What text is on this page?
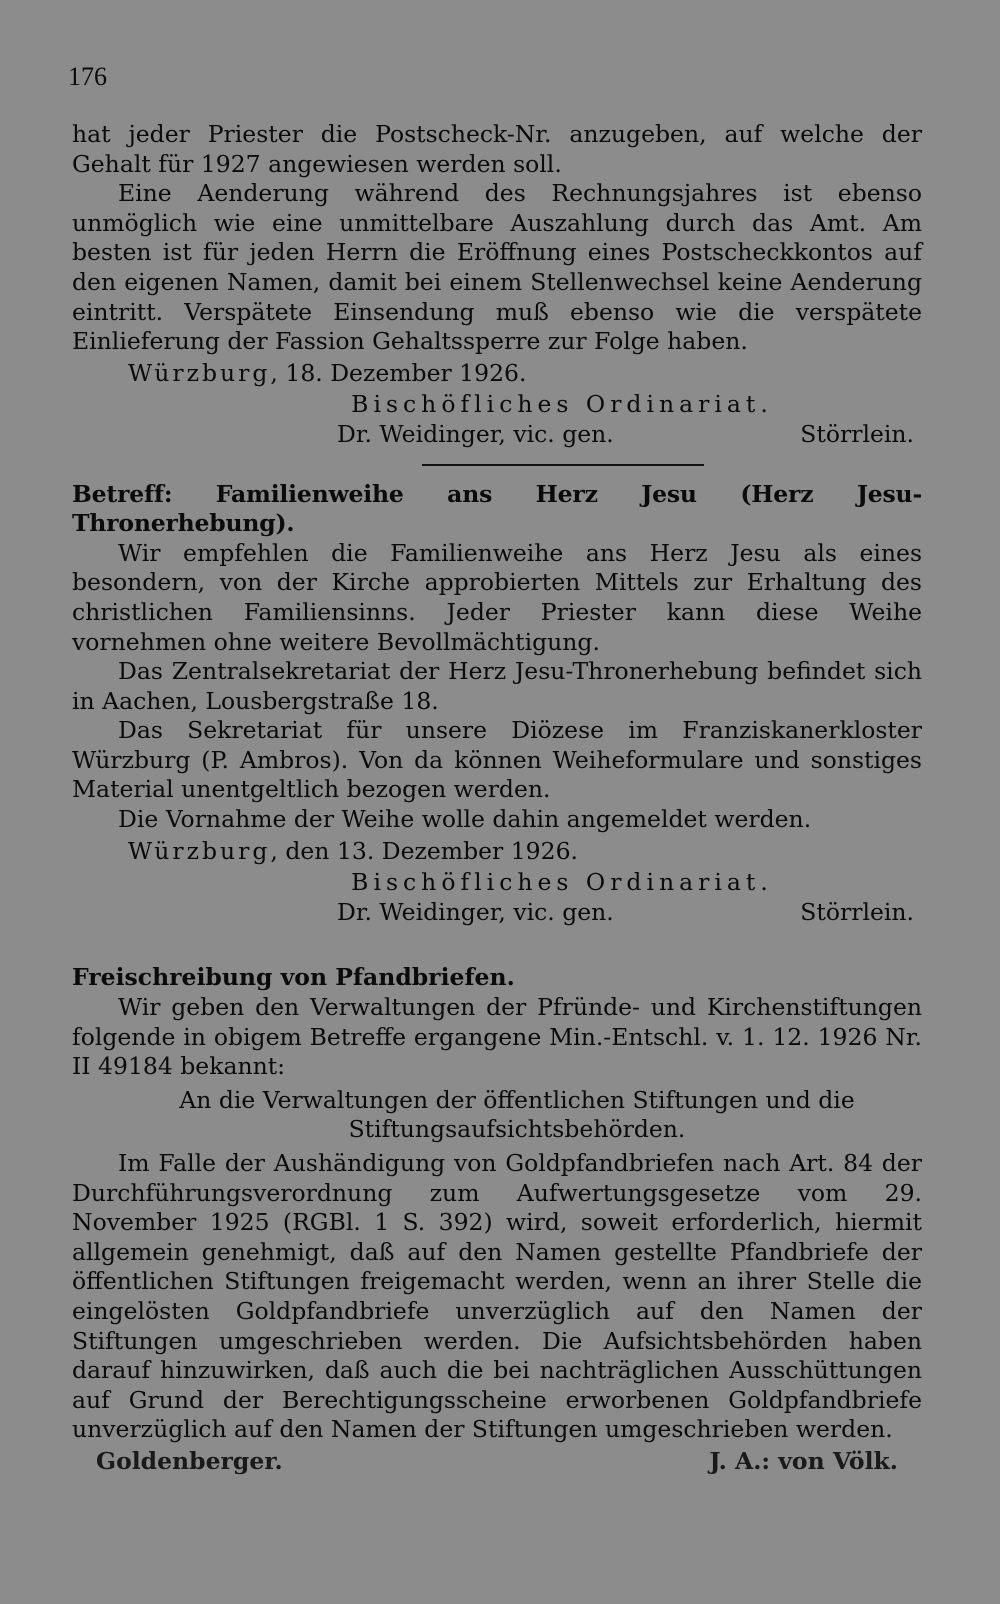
176

hat jeder Priester die Postscheck-Nr. anzugeben, auf welche der Gehalt für 1927 angewiesen werden soll.

Eine Aenderung während des Rechnungsjahres ist ebenso unmöglich wie eine unmittelbare Auszahlung durch das Amt. Am besten ist für jeden Herrn die Eröffnung eines Postscheckkontos auf den eigenen Namen, damit bei einem Stellenwechsel keine Aenderung eintritt. Verspätete Einsendung muß ebenso wie die verspätete Einlieferung der Fassion Gehaltssperre zur Folge haben.

Würzburg, 18. Dezember 1926.
Bischöfliches Ordinariat.
Dr. Weidinger, vic. gen.	Störrlein.

Betreff: Familienweihe ans Herz Jesu (Herz Jesu-Thronerhebung).

Wir empfehlen die Familienweihe ans Herz Jesu als eines besondern, von der Kirche approbierten Mittels zur Erhaltung des christlichen Familiensinns. Jeder Priester kann diese Weihe vornehmen ohne weitere Bevollmächtigung.

Das Zentralsekretariat der Herz Jesu-Thronerhebung befindet sich in Aachen, Lousbergstraße 18.

Das Sekretariat für unsere Diözese im Franziskanerkloster Würzburg (P. Ambros). Von da können Weiheformulare und sonstiges Material unentgeltlich bezogen werden.

Die Vornahme der Weihe wolle dahin angemeldet werden.

Würzburg, den 13. Dezember 1926.
Bischöfliches Ordinariat.
Dr. Weidinger, vic. gen.	Störrlein.

Freischreibung von Pfandbriefen.

Wir geben den Verwaltungen der Pfründe- und Kirchenstiftungen folgende in obigem Betreffe ergangene Min.-Entschl. v. 1. 12. 1926 Nr. II 49184 bekannt:

An die Verwaltungen der öffentlichen Stiftungen und die Stiftungsaufsichtsbehörden.

Im Falle der Aushändigung von Goldpfandbriefen nach Art. 84 der Durchführungsverordnung zum Aufwertungsgesetze vom 29. November 1925 (RGBl. 1 S. 392) wird, soweit erforderlich, hiermit allgemein genehmigt, daß auf den Namen gestellte Pfandbriefe der öffentlichen Stiftungen freigemacht werden, wenn an ihrer Stelle die eingelösten Goldpfandbriefe unverzüglich auf den Namen der Stiftungen umgeschrieben werden. Die Aufsichtsbehörden haben darauf hinzuwirken, daß auch die bei nachträglichen Ausschüttungen auf Grund der Berechtigungsscheine erworbenen Goldpfandbriefe unverzüglich auf den Namen der Stiftungen umgeschrieben werden.

Goldenberger.	J. A.: von Völk.
